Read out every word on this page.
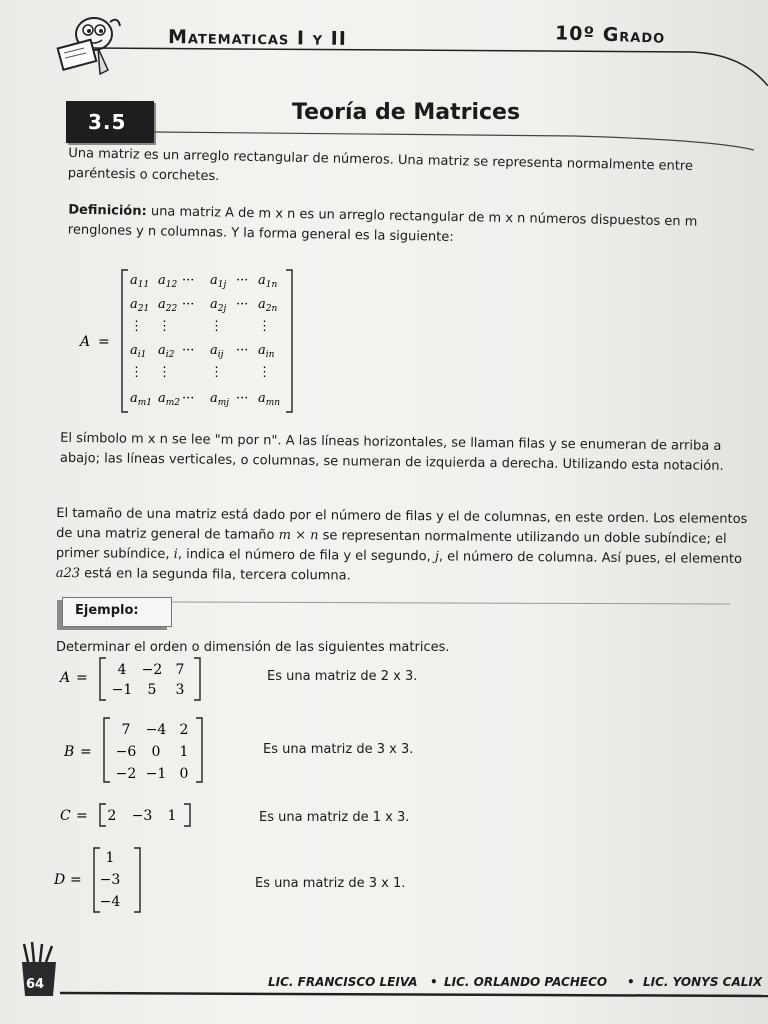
Matematicas I y II	10º Grado
3.5	Teoría de Matrices

Una matriz es un arreglo rectangular de números. Una matriz se representa normalmente entre paréntesis o corchetes.

Definición: una matriz A de m x n es un arreglo rectangular de m x n números dispuestos en m renglones y n columnas. Y la forma general es la siguiente:

A =
$a_{11}$ $a_{12}$ ··· $a_{1j}$ ··· $a_{1n}$
$a_{21}$ $a_{22}$ ··· $a_{2j}$ ··· $a_{2n}$
⋮ ⋮	⋮	⋮
$a_{i1}$ $a_{i2}$ ··· $a_{ij}$ ··· $a_{in}$
⋮ ⋮	⋮	⋮
$a_{m1}$ $a_{m2}$ ··· $a_{mj}$ ··· $a_{mn}$

El símbolo m x n se lee "m por n". A las líneas horizontales, se llaman filas y se enumeran de arriba a abajo; las líneas verticales, o columnas, se numeran de izquierda a derecha. Utilizando esta notación.

El tamaño de una matriz está dado por el número de filas y el de columnas, en este orden. Los elementos de una matriz general de tamaño m × n se representan normalmente utilizando un doble subíndice; el primer subíndice, i, indica el número de fila y el segundo, j, el número de columna. Así pues, el elemento a23 está en la segunda fila, tercera columna.

Ejemplo:

Determinar el orden o dimensión de las siguientes matrices.

A = 4 −2 7
−1 5 3
Es una matriz de 2 x 3.
B =
7 −4 2
−6 0 1
−2 −1 0
Es una matriz de 3 x 3.
C = 2 −3 1	Es una matriz de 1 x 3.
D =
1
−3
−4
Es una matriz de 3 x 1.
64	LIC. FRANCISCO LEIVA • LIC. ORLANDO PACHECO • LIC. YONYS CALIX
